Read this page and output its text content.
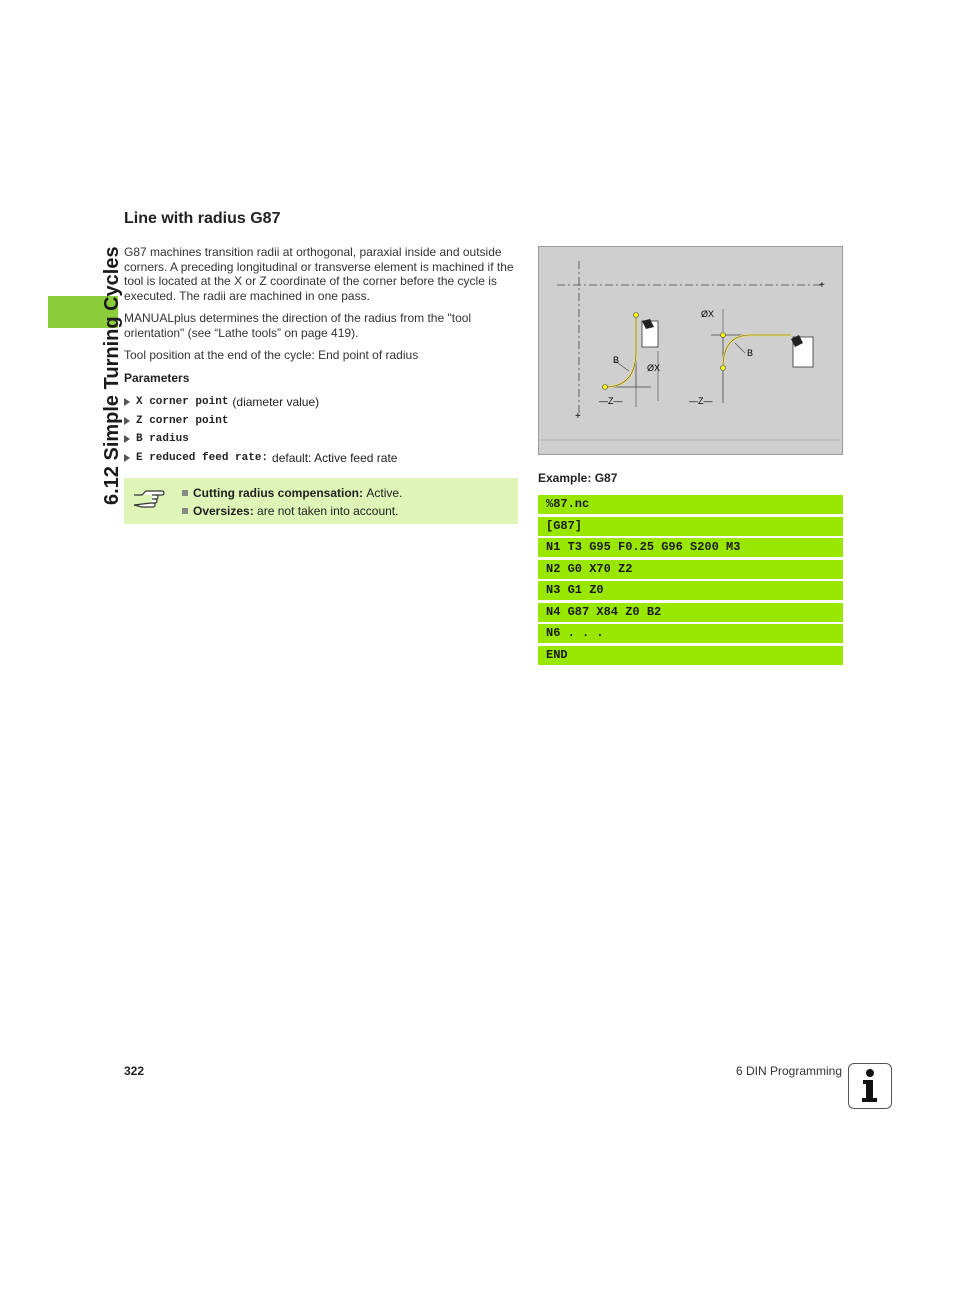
6.12 Simple Turning Cycles
Line with radius G87

G87 machines transition radii at orthogonal, paraxial inside and outside corners. A preceding longitudinal or transverse element is machined if the tool is located at the X or Z coordinate of the corner before the cycle is executed. The radii are machined in one pass.

MANUALplus determines the direction of the radius from the "tool orientation" (see “Lathe tools” on page 419).

Tool position at the end of the cycle: End point of radius

Parameters
X corner point (diameter value)
Z corner point
B radius
E reduced feed rate: default: Active feed rate
Cutting radius compensation:
Active.
Oversizes:
are not taken into account.
+
+
B
ØX
—Z—
ØX
B
—Z—
Example: G87
%87.nc
[G87]
N1 T3 G95 F0.25 G96 S200 M3
N2 G0 X70 Z2
N3 G1 Z0
N4 G87 X84 Z0 B2
N6 . . .
END
322	6 DIN Programming
